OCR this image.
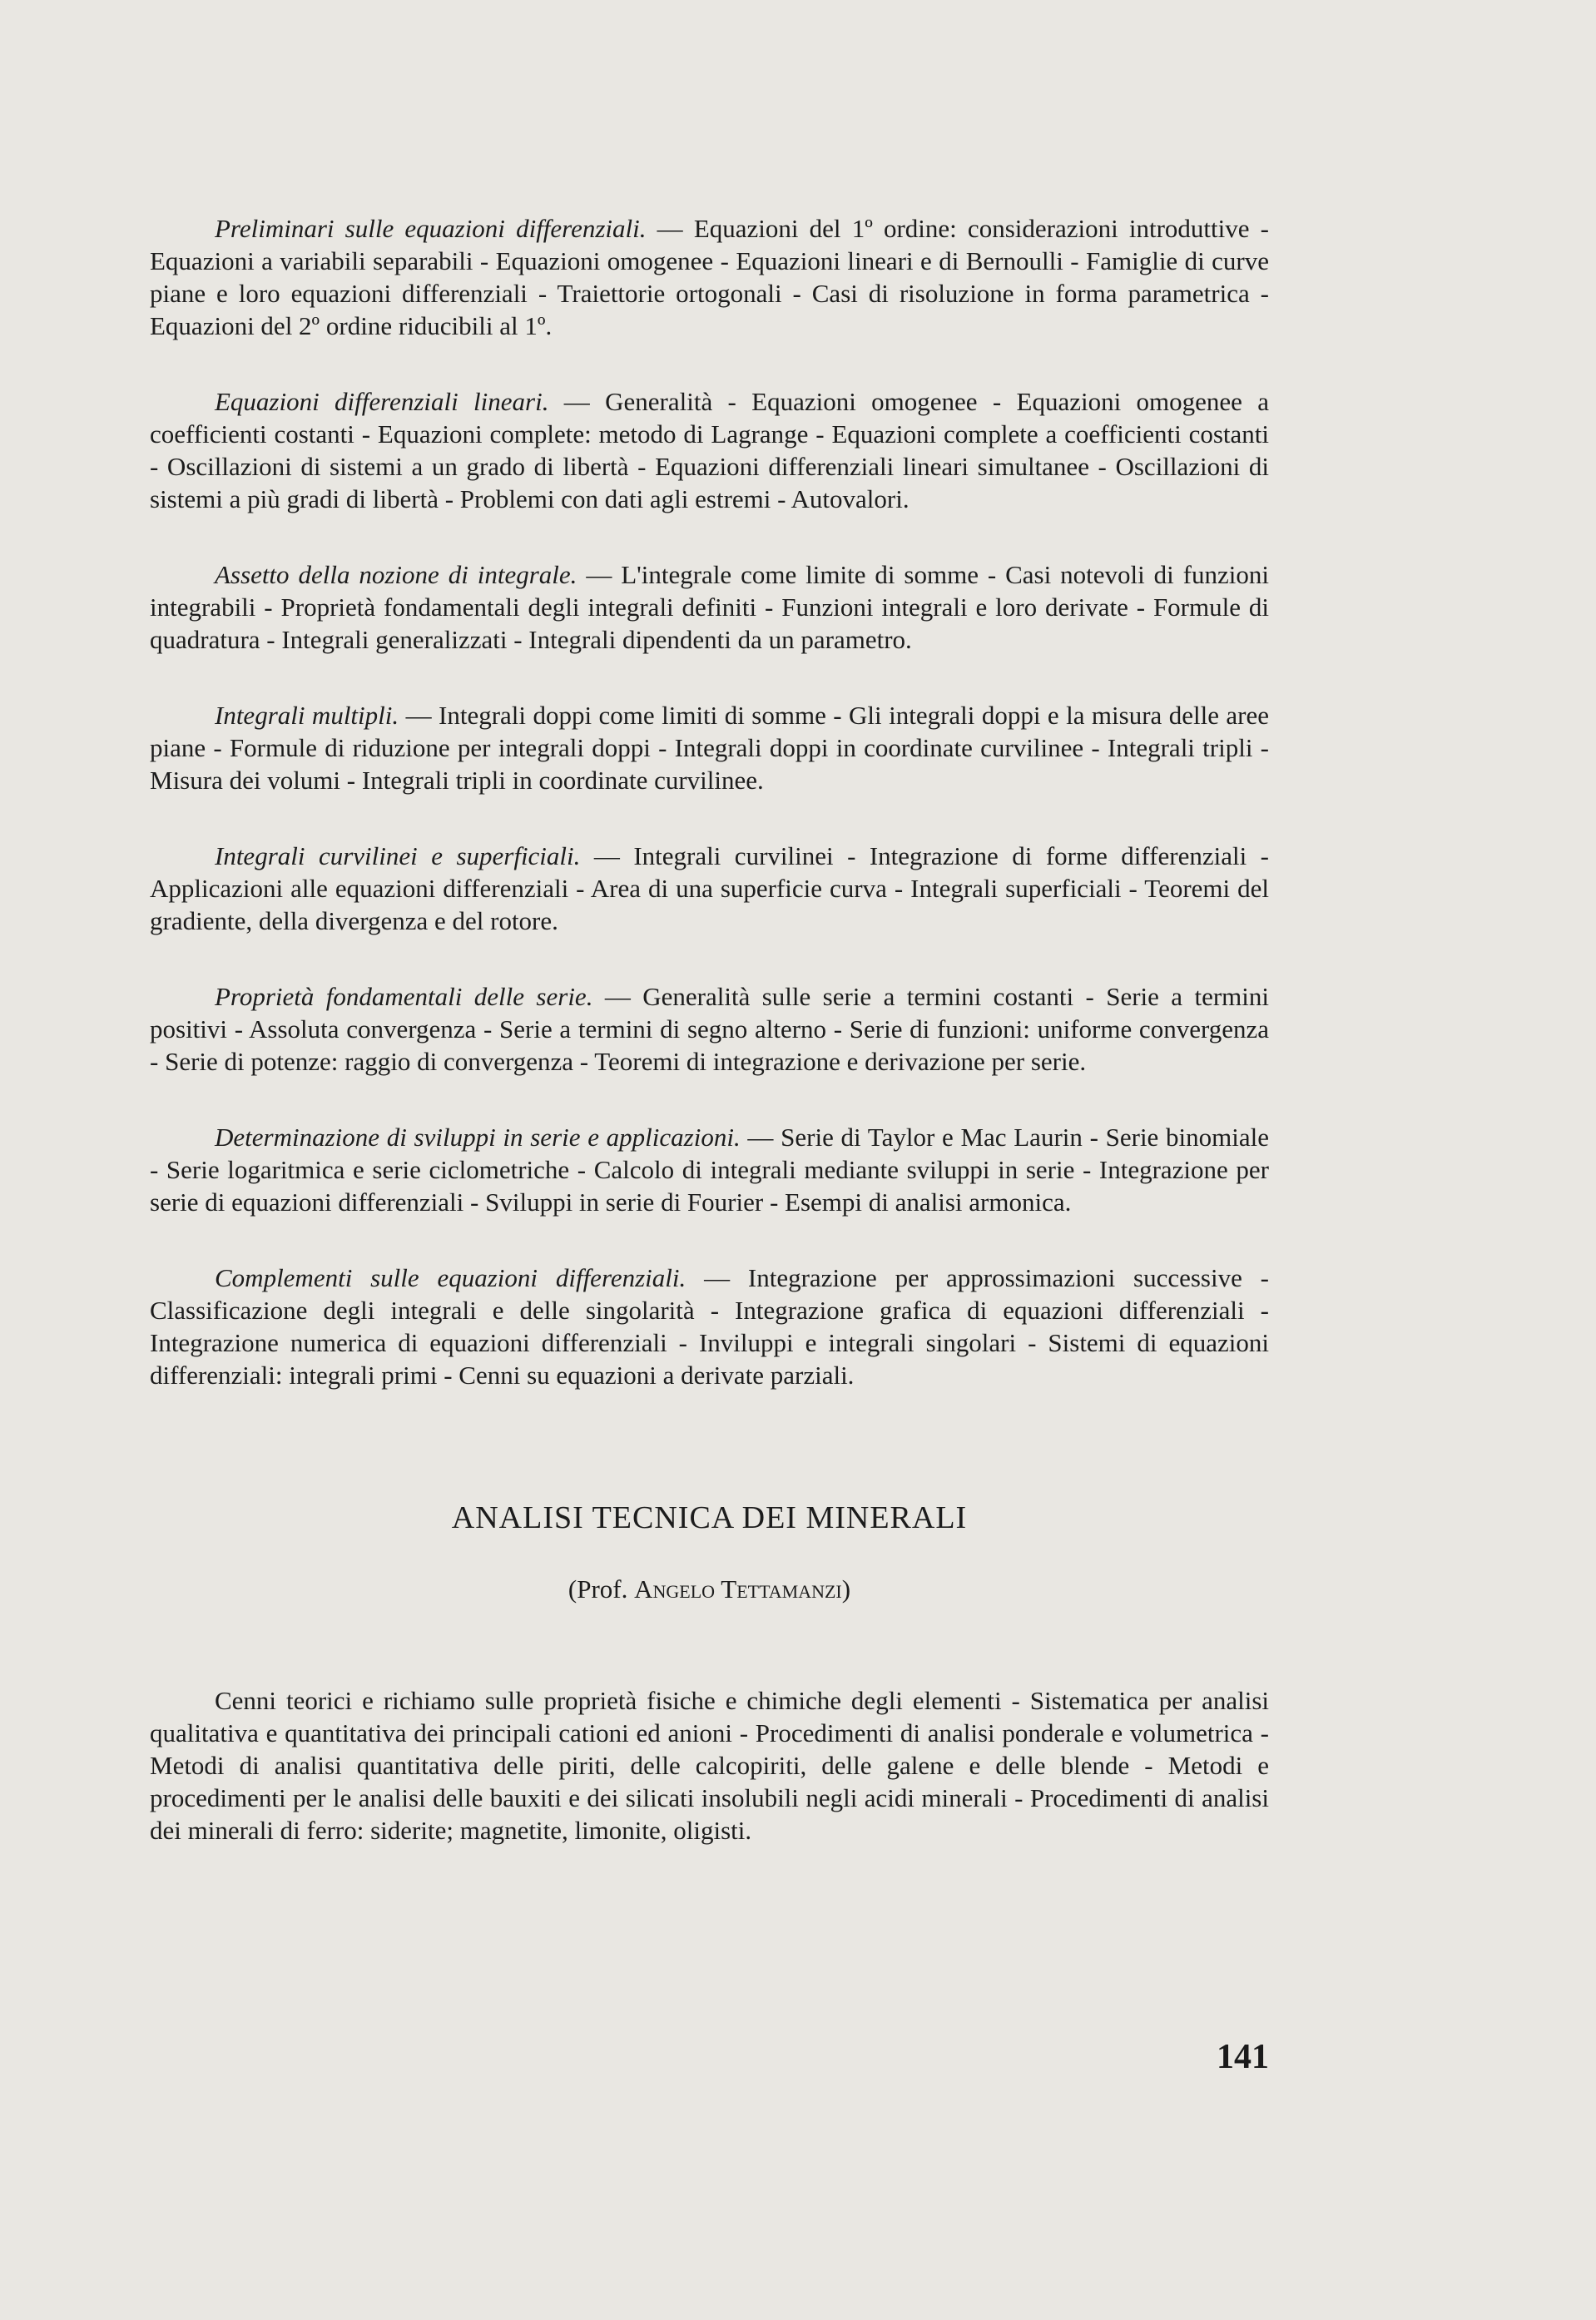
Preliminari sulle equazioni differenziali. — Equazioni del 1º ordine: considerazioni introduttive - Equazioni a variabili separabili - Equazioni omogenee - Equazioni lineari e di Bernoulli - Famiglie di curve piane e loro equazioni differenziali - Traiettorie ortogonali - Casi di risoluzione in forma parametrica - Equazioni del 2º ordine riducibili al 1º.

Equazioni differenziali lineari. — Generalità - Equazioni omogenee - Equazioni omogenee a coefficienti costanti - Equazioni complete: metodo di Lagrange - Equazioni complete a coefficienti costanti - Oscillazioni di sistemi a un grado di libertà - Equazioni differenziali lineari simultanee - Oscillazioni di sistemi a più gradi di libertà - Problemi con dati agli estremi - Autovalori.

Assetto della nozione di integrale. — L'integrale come limite di somme - Casi notevoli di funzioni integrabili - Proprietà fondamentali degli integrali definiti - Funzioni integrali e loro derivate - Formule di quadratura - Integrali generalizzati - Integrali dipendenti da un parametro.

Integrali multipli. — Integrali doppi come limiti di somme - Gli integrali doppi e la misura delle aree piane - Formule di riduzione per integrali doppi - Integrali doppi in coordinate curvilinee - Integrali tripli - Misura dei volumi - Integrali tripli in coordinate curvilinee.

Integrali curvilinei e superficiali. — Integrali curvilinei - Integrazione di forme differenziali - Applicazioni alle equazioni differenziali - Area di una superficie curva - Integrali superficiali - Teoremi del gradiente, della divergenza e del rotore.

Proprietà fondamentali delle serie. — Generalità sulle serie a termini costanti - Serie a termini positivi - Assoluta convergenza - Serie a termini di segno alterno - Serie di funzioni: uniforme convergenza - Serie di potenze: raggio di convergenza - Teoremi di integrazione e derivazione per serie.

Determinazione di sviluppi in serie e applicazioni. — Serie di Taylor e Mac Laurin - Serie binomiale - Serie logaritmica e serie ciclometriche - Calcolo di integrali mediante sviluppi in serie - Integrazione per serie di equazioni differenziali - Sviluppi in serie di Fourier - Esempi di analisi armonica.

Complementi sulle equazioni differenziali. — Integrazione per approssimazioni successive - Classificazione degli integrali e delle singolarità - Integrazione grafica di equazioni differenziali - Integrazione numerica di equazioni differenziali - Inviluppi e integrali singolari - Sistemi di equazioni differenziali: integrali primi - Cenni su equazioni a derivate parziali.

ANALISI TECNICA DEI MINERALI
(Prof. Angelo Tettamanzi)

Cenni teorici e richiamo sulle proprietà fisiche e chimiche degli elementi - Sistematica per analisi qualitativa e quantitativa dei principali cationi ed anioni - Procedimenti di analisi ponderale e volumetrica - Metodi di analisi quantitativa delle piriti, delle calcopiriti, delle galene e delle blende - Metodi e procedimenti per le analisi delle bauxiti e dei silicati insolubili negli acidi minerali - Procedimenti di analisi dei minerali di ferro: siderite; magnetite, limonite, oligisti.

141
